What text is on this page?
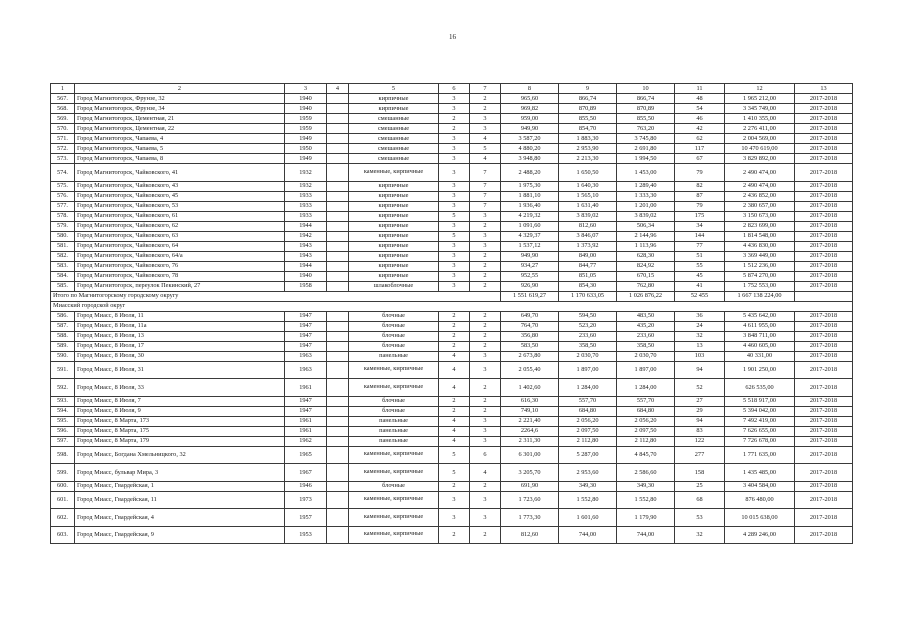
16
1	2	3	4	5	6	7	8	9	10	11	12	13
567.	Город Магнитогорск, Фрунзе, 32	1940		кирпичные	3	2	965,60	866,74	866,74	48	1 965 212,00	2017-2018
568.	Город Магнитогорск, Фрунзе, 34	1940		кирпичные	3	2	969,82	870,89	870,89	54	3 345 749,00	2017-2018
569.	Город Магнитогорск, Цементная, 21	1959		смешанные	2	3	959,00	855,50	855,50	46	1 410 355,00	2017-2018
570.	Город Магнитогорск, Цементная, 22	1959		смешанные	2	3	949,90	854,70	763,20	42	2 276 411,00	2017-2018
571.	Город Магнитогорск, Чапаева, 4	1949		смешанные	3	4	3 587,20	1 883,30	3 745,80	62	2 004 569,00	2017-2018
572.	Город Магнитогорск, Чапаева, 5	1950		смешанные	3	5	4 880,20	2 953,90	2 691,80	117	10 470 619,00	2017-2018
573.	Город Магнитогорск, Чапаева, 8	1949		смешанные	3	4	3 948,80	2 213,30	1 994,50	67	3 829 892,00	2017-2018
574.	Город Магнитогорск, Чайковского, 41	1932		каменные, кирпичные	3	7	2 488,20	1 650,50	1 453,00	79	2 490 474,00	2017-2018
575.	Город Магнитогорск, Чайковского, 43	1932		кирпичные	3	7	1 975,30	1 640,30	1 289,40	82	2 490 474,00	2017-2018
576.	Город Магнитогорск, Чайковского, 45	1933		кирпичные	3	7	1 881,10	1 565,10	1 333,30	87	2 436 852,00	2017-2018
577.	Город Магнитогорск, Чайковского, 53	1933		кирпичные	3	7	1 936,40	1 631,40	1 201,00	79	2 380 657,00	2017-2018
578.	Город Магнитогорск, Чайковского, 61	1933		кирпичные	5	3	4 219,32	3 839,02	3 839,02	175	3 150 673,00	2017-2018
579.	Город Магнитогорск, Чайковского, 62	1944		кирпичные	3	2	1 091,60	812,60	506,34	34	2 823 699,00	2017-2018
580.	Город Магнитогорск, Чайковского, 63	1942		кирпичные	5	3	4 329,37	3 846,07	2 144,96	144	1 814 548,00	2017-2018
581.	Город Магнитогорск, Чайковского, 64	1943		кирпичные	3	3	1 537,12	1 373,92	1 113,96	77	4 436 830,00	2017-2018
582.	Город Магнитогорск, Чайковского, 64/а	1943		кирпичные	3	2	949,90	849,00	628,30	51	3 369 449,00	2017-2018
583.	Город Магнитогорск, Чайковского, 76	1944		кирпичные	3	2	934,27	844,77	824,92	55	1 512 236,00	2017-2018
584.	Город Магнитогорск, Чайковского, 78	1940		кирпичные	3	2	952,55	851,05	670,15	45	5 874 270,00	2017-2018
585.	Город Магнитогорск, переулок Пекинский, 27	1958		шлакоблочные	3	2	926,90	854,30	762,80	41	1 752 553,00	2017-2018
Итого по Магнитогорскому городскому округу							1 551 619,27	1 170 633,05	1 026 876,22	52 455	1 667 138 224,00	
Миасский городской округ												
586.	Город Миасс, 8 Июля, 11	1947		блочные	2	2	649,70	594,50	483,50	36	5 435 642,00	2017-2018
587.	Город Миасс, 8 Июля, 11а	1947		блочные	2	2	764,70	523,20	435,20	24	4 611 955,00	2017-2018
588.	Город Миасс, 8 Июля, 13	1947		блочные	2	2	356,80	233,60	233,60	32	3 848 711,00	2017-2018
589.	Город Миасс, 8 Июля, 17	1947		блочные	2	2	583,50	358,50	358,50	13	4 460 605,00	2017-2018
590.	Город Миасс, 8 Июля, 30	1963		панельные	4	3	2 673,80	2 030,70	2 030,70	103	40 331,00	2017-2018
591.	Город Миасс, 8 Июля, 31	1963		каменные, кирпичные	4	3	2 055,40	1 897,00	1 897,00	94	1 901 250,00	2017-2018
592.	Город Миасс, 8 Июля, 33	1961		каменные, кирпичные	4	2	1 402,60	1 284,00	1 284,00	52	626 535,00	2017-2018
593.	Город Миасс, 8 Июля, 7	1947		блочные	2	2	616,30	557,70	557,70	27	5 518 917,00	2017-2018
594.	Город Миасс, 8 Июля, 9	1947		блочные	2	2	749,10	684,80	684,80	29	5 394 042,00	2017-2018
595.	Город Миасс, 8 Марта, 173	1961		панельные	4	3	2 221,40	2 056,20	2 056,20	94	7 492 419,00	2017-2018
596.	Город Миасс, 8 Марта, 175	1961		панельные	4	3	2264,6	2 097,50	2 097,50	83	7 626 655,00	2017-2018
597.	Город Миасс, 8 Марта, 179	1962		панельные	4	3	2 311,30	2 112,80	2 112,80	122	7 726 678,00	2017-2018
598.	Город Миасс, Богдана Хмельницкого, 32	1965		каменные, кирпичные	5	6	6 301,00	5 287,00	4 845,70	277	1 771 635,00	2017-2018
599.	Город Миасс, бульвар Мира, 3	1967		каменные, кирпичные	5	4	3 205,70	2 953,60	2 586,60	158	1 435 485,00	2017-2018
600.	Город Миасс, Гвардейская, 1	1946		блочные	2	2	691,90	349,30	349,30	25	3 404 584,00	2017-2018
601.	Город Миасс, Гвардейская, 11	1973		каменные, кирпичные	3	3	1 723,60	1 552,80	1 552,80	68	876 480,00	2017-2018
602.	Город Миасс, Гвардейская, 4	1957		каменные, кирпичные	3	3	1 773,30	1 601,60	1 179,90	53	10 015 638,00	2017-2018
603.	Город Миасс, Гвардейская, 9	1953		каменные, кирпичные	2	2	812,60	744,00	744,00	32	4 289 246,00	2017-2018
